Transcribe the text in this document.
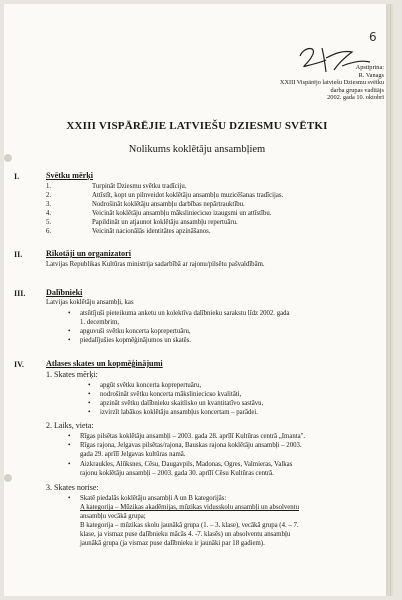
6
Apstiprina:
R. Vanags
XXIII Vispārējo latviešu Dziesmu svētku
darba grupas vadītājs
2002. gada 10. oktobrī
XXIII VISPĀRĒJIE LATVIEŠU DZIESMU SVĒTKI
Nolikums koklētāju ansambļiem
I.	Svētku mērķi
1.	Turpināt Dziesmu svētku tradīciju.
2.	Attīstīt, kopt un pilnveidot koklētāju ansambļu muzicēšanas tradīcijas.
3.	Nodrošināt koklētāju ansambļu darbības nepārtrauktību.
4.	Veicināt koklētāju ansambļu mākslinieciско izaugsmi un attīstību.
5.	Papildināt un atjaunot koklētāju ansambļu repertuāru.
6.	Veicināt nacionālās identitātes apzināšanos.
II.	Rīkotāji un organizatori
Latvijas Republikas Kultūras ministrija sadarbībā ar rajonu/pilsētu pašvaldībām.
III.	Dalībnieki
Latvijas koklētāju ansambļi, kas
• atsūtījuši pieteikuma anketu un kolektīva dalībnieku sarakstu līdz 2002. gada
1. decembrim,
• apguvuši svētku koncerta koprepertuāru,
• piedalījušies kopmēģinājumos un skatēs.
IV.	Atlases skates un kopmēģinājumi
1. Skates mērķi:
• apgūt svētku koncerta koprepertuāru,
• nodrošināt svētku koncerta mākslinieciско kvalitāti,
• apzināt svētku dalībnieku skaitlisko un kvantitatīvo sastāvu,
• izvirzīt labākos koklētāju ansambļus koncertam – parādei.
2. Laiks, vieta:
• Rīgas pilsētas koklētāju ansambļi – 2003. gada 28. aprīlī Kultūras centrā „Imanta".
• Rīgas rajona, Jelgavas pilsētas/rajona, Bauskas rajona koklētāju ansambļi – 2003.
gada 29. aprīlī Jelgavas kultūras namā.
• Aizkraukles, Alūksnes, Cēsu, Daugavpils, Madonas, Ogres, Valmieras, Valkas
rajonu koklētāju ansambļi – 2003. gada 30. aprīlī Cēsu Kultūras centrā.
3. Skates norise:
• Skatē piedalās koklētāju ansambļi A un B kategorijās:
A kategorija – Mūzikas akadēmijas, mūzikas vidusskolu ansambļi un absolventu
ansambļu vecākā grupa;
B kategorija – mūzikas skolu jaunākā grupa (1. – 3. klase), vecākā grupa (4. – 7.
klase, ja vismaz puse dalībnieku mācās 4. -7. klasēs) un absolventu ansambļu
jaunākā grupa (ja vismaz puse dalībnieku ir jaunāki par 18 gadiem).
